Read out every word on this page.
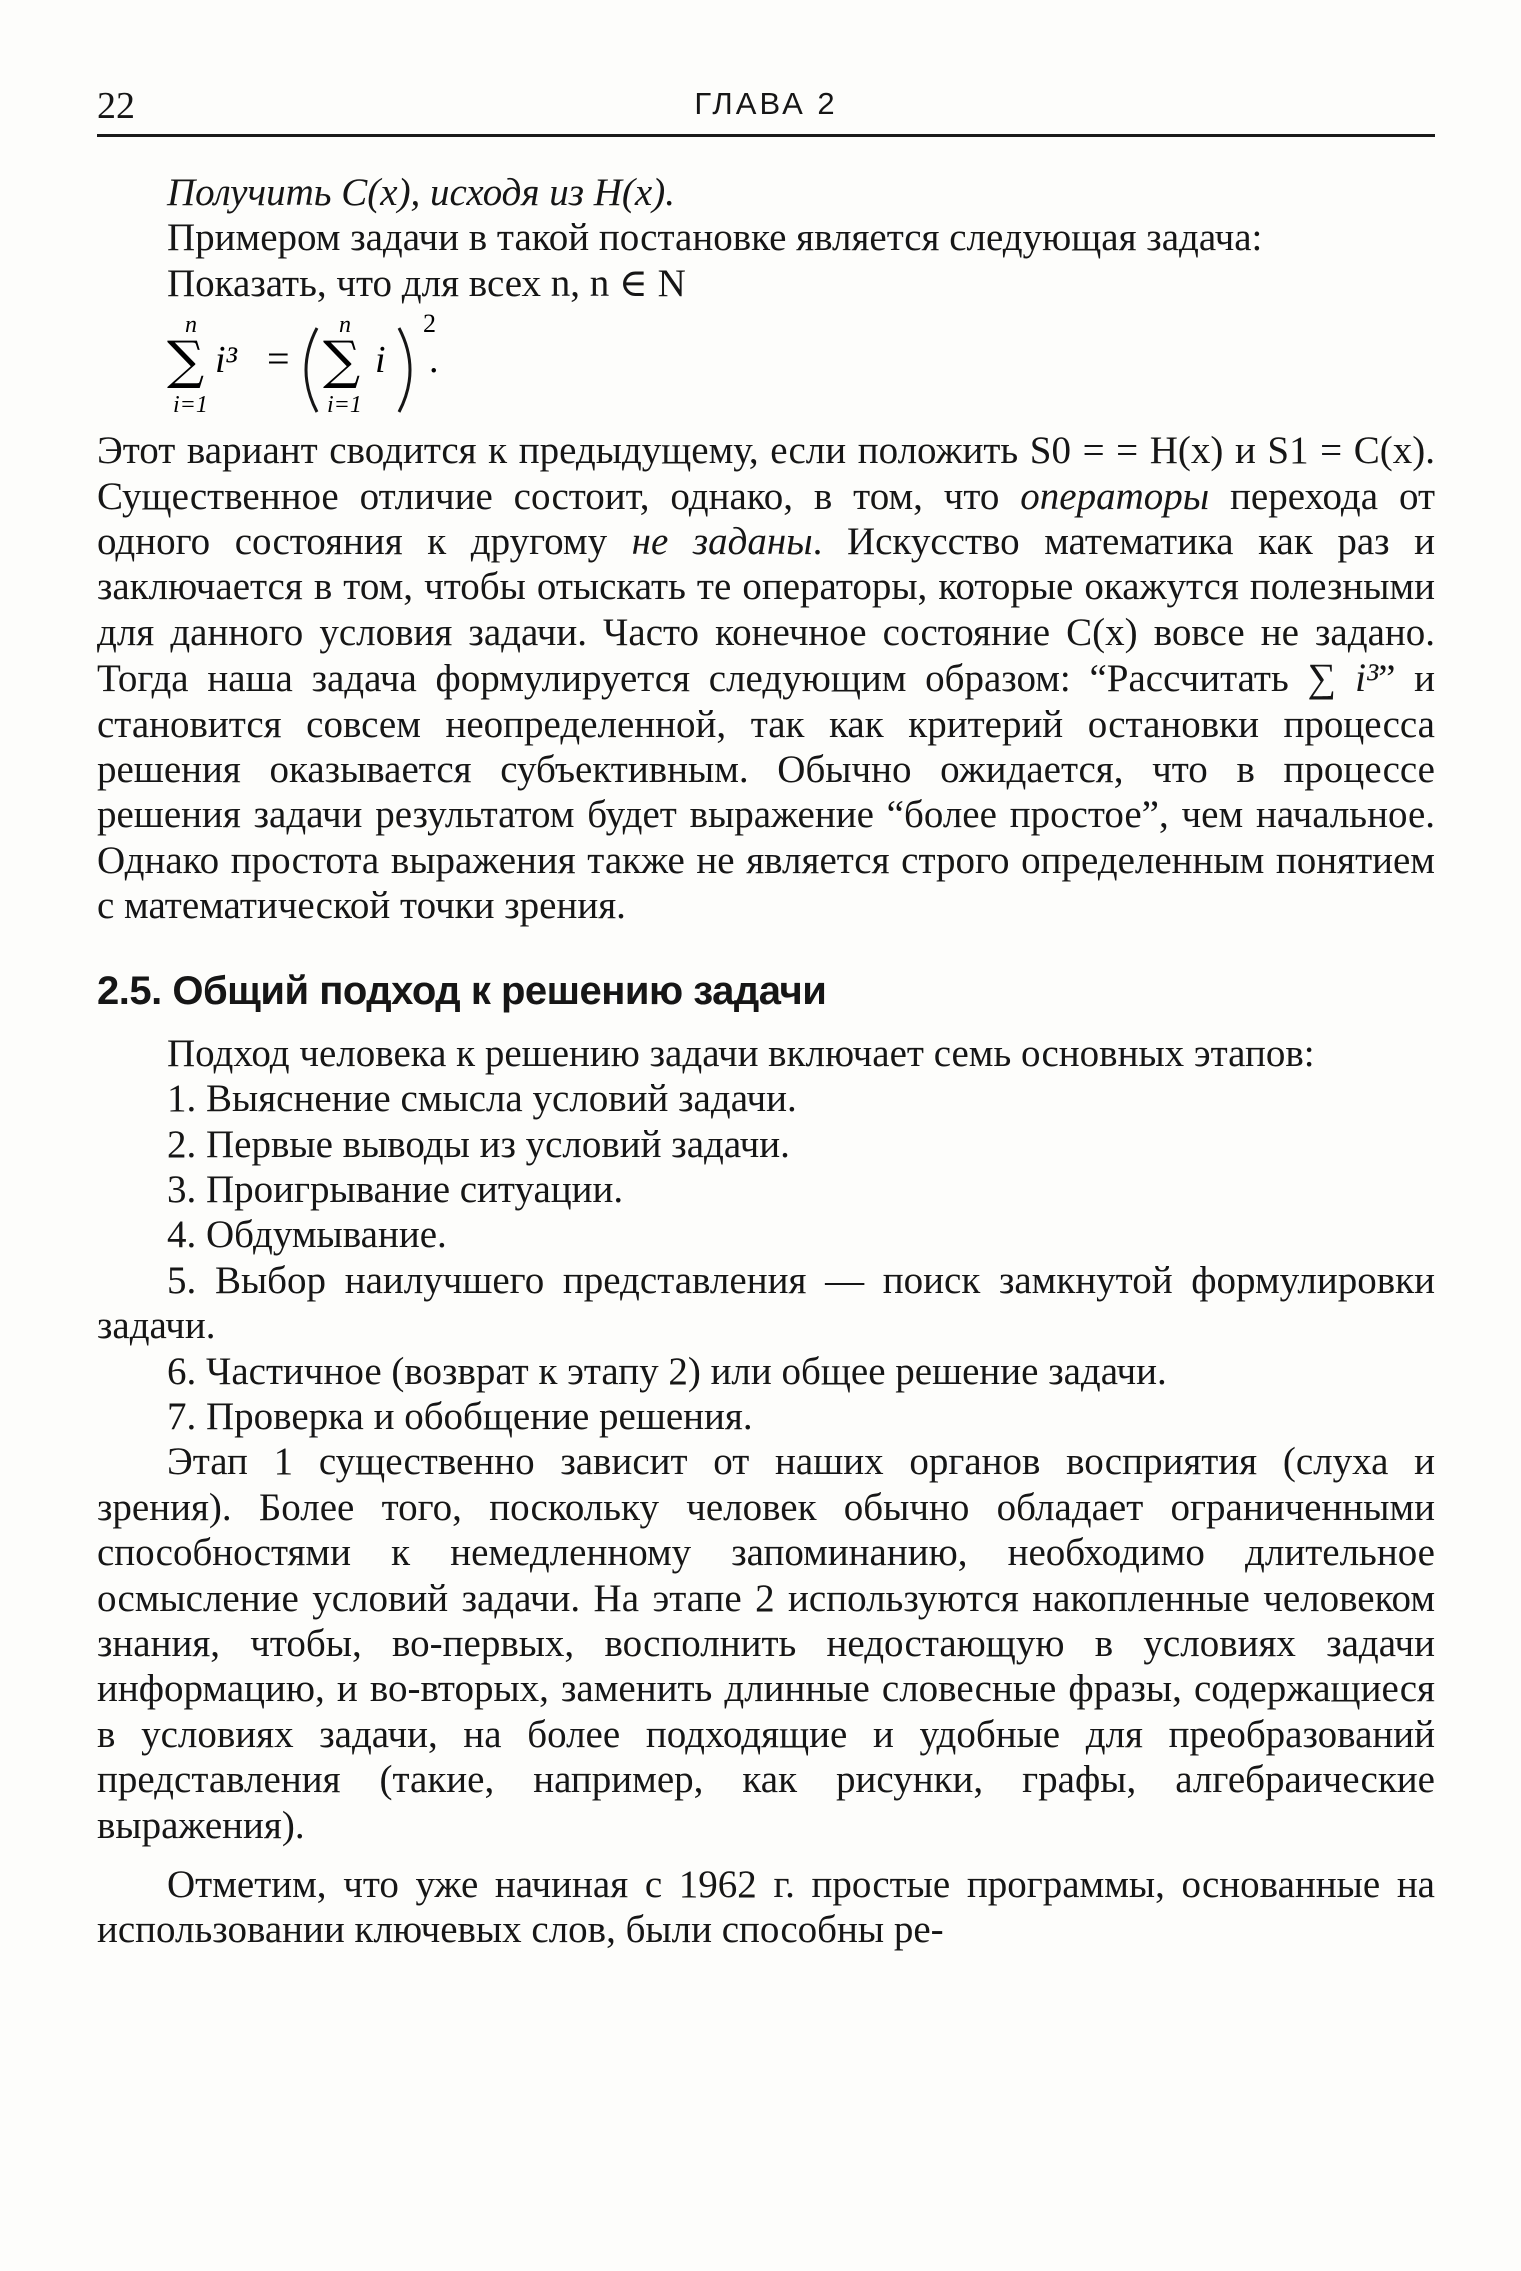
22	ГЛАВА 2

Получить C(x), исходя из H(x).

Примером задачи в такой постановке является следующая задача:

Показать, что для всех n, n ∈ N

n
∑
i=1
i³ =
n
∑
i=1
i
2
.

Этот вариант сводится к предыдущему, если положить S0 = = H(x) и S1 = C(x). Существенное отличие состоит, однако, в том, что операторы перехода от одного состояния к другому не заданы. Искусство математика как раз и заключается в том, чтобы отыскать те операторы, которые окажутся полезными для данного условия задачи. Часто конечное состояние C(x) вовсе не задано. Тогда наша задача формулируется следующим образом: “Рассчитать ∑ i³” и становится совсем неопределенной, так как критерий остановки процесса решения оказывается субъективным. Обычно ожидается, что в процессе решения задачи результатом будет выражение “более простое”, чем начальное. Однако простота выражения также не является строго определенным понятием с математической точки зрения.

2.5. Общий подход к решению задачи

Подход человека к решению задачи включает семь основных этапов:

1. Выяснение смысла условий задачи.

2. Первые выводы из условий задачи.

3. Проигрывание ситуации.

4. Обдумывание.

5. Выбор наилучшего представления — поиск замкнутой формулировки задачи.

6. Частичное (возврат к этапу 2) или общее решение задачи.

7. Проверка и обобщение решения.

Этап 1 существенно зависит от наших органов восприятия (слуха и зрения). Более того, поскольку человек обычно обладает ограниченными способностями к немедленному запоминанию, необходимо длительное осмысление условий задачи. На этапе 2 используются накопленные человеком знания, чтобы, во-первых, восполнить недостающую в условиях задачи информацию, и во-вторых, заменить длинные словесные фразы, содержащиеся в условиях задачи, на более подходящие и удобные для преобразований представления (такие, например, как рисунки, графы, алгебраические выражения).

Отметим, что уже начиная с 1962 г. простые программы, основанные на использовании ключевых слов, были способны ре-
